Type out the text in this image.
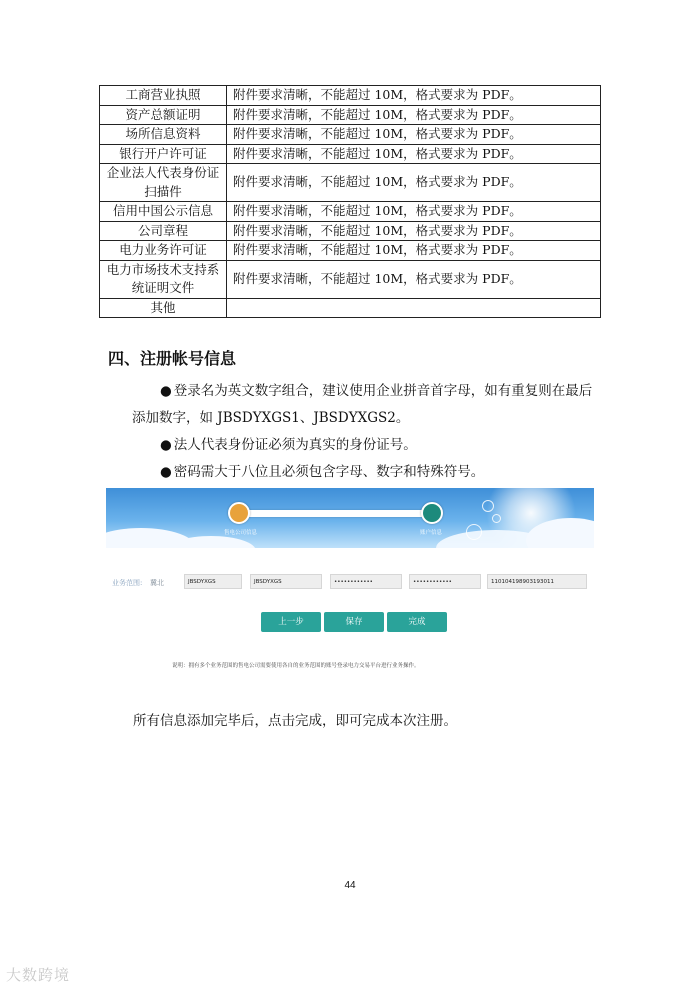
工商营业执照	附件要求清晰，不能超过 10M，格式要求为 PDF。
资产总额证明	附件要求清晰，不能超过 10M，格式要求为 PDF。
场所信息资料	附件要求清晰，不能超过 10M，格式要求为 PDF。
银行开户许可证	附件要求清晰，不能超过 10M，格式要求为 PDF。
企业法人代表身份证扫描件	附件要求清晰，不能超过 10M，格式要求为 PDF。
信用中国公示信息	附件要求清晰，不能超过 10M，格式要求为 PDF。
公司章程	附件要求清晰，不能超过 10M，格式要求为 PDF。
电力业务许可证	附件要求清晰，不能超过 10M，格式要求为 PDF。
电力市场技术支持系统证明文件	附件要求清晰，不能超过 10M，格式要求为 PDF。
其他	
四、注册帐号信息
● 登录名为英文数字组合，建议使用企业拼音首字母，如有重复则在最后
添加数字，如 JBSDYXGS1、JBSDYXGS2。
● 法人代表身份证必须为真实的身份证号。
● 密码需大于八位且必须包含字母、数字和特殊符号。
售电公司信息	账户信息
业务范围: 冀北	JBSDYXGS	JBSDYXGS	••••••••••••	••••••••••••	110104198903193011
上一步	保存	完成
说明：拥有多个业务范围的售电公司需要使用各自的业务范围的账号登录电力交易平台进行业务操作。
所有信息添加完毕后，点击完成，即可完成本次注册。
44
大数跨境
